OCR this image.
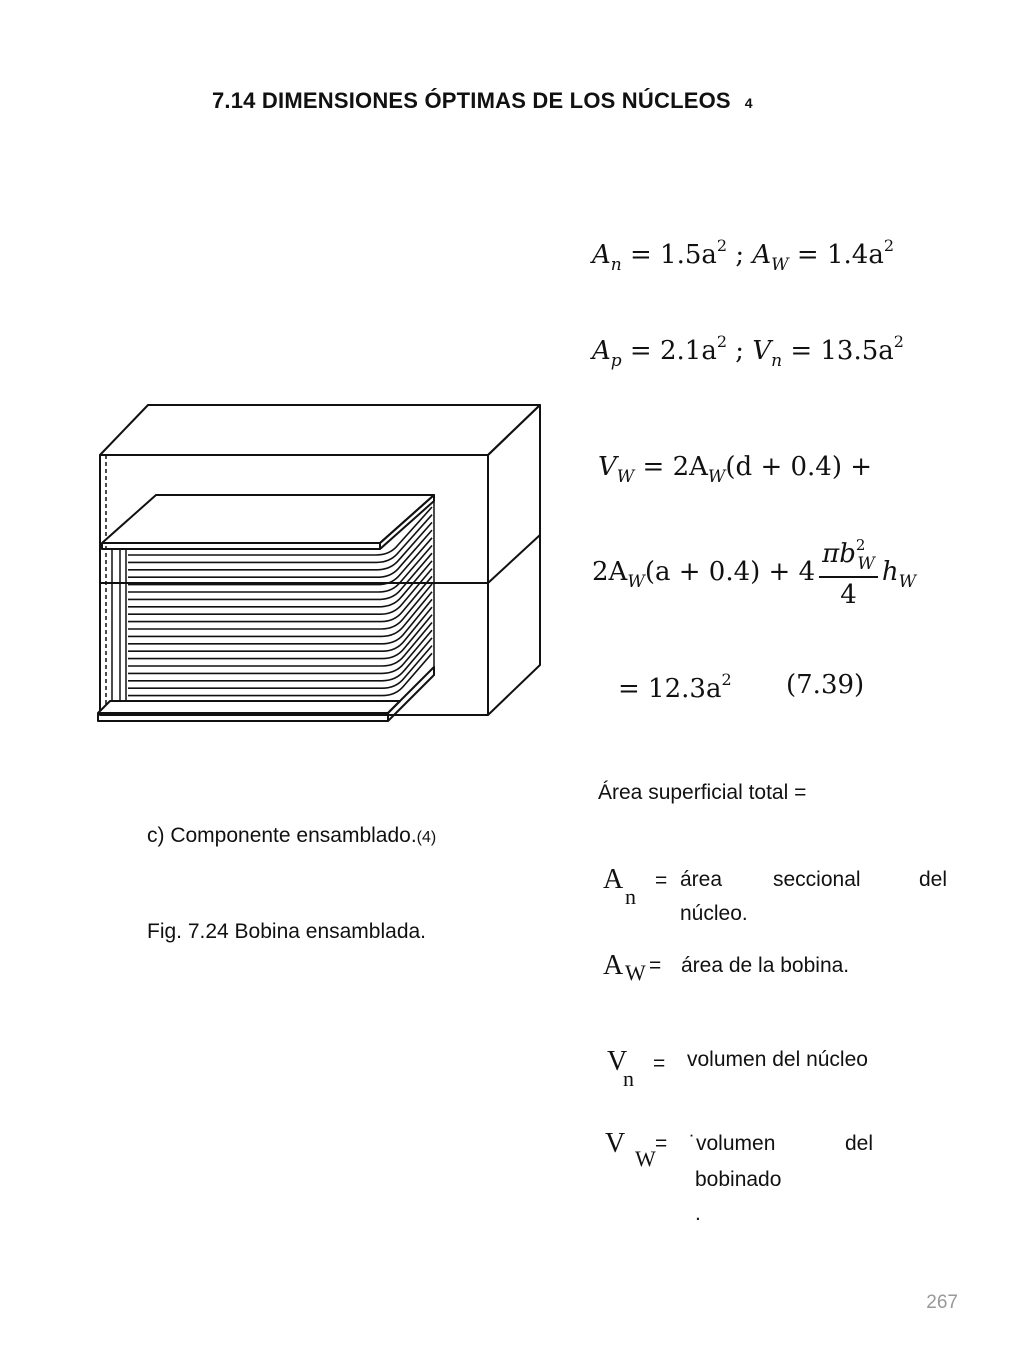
7.14 DIMENSIONES ÓPTIMAS DE LOS NÚCLEOS 4
$A_n = 1.5a^2$ ; $A_W = 1.4a^2$
$A_p = 2.1a^2$ ; $V_n = 13.5a^2$
$V_W = 2A_W(d + 0.4)$ +
$2A_W(a + 0.4) + 4 \frac{\pi b^2_W}{4} h_W$
= $12.3a^2$ (7.39)
Área superficial total =
A
n
= área seccional	del
núcleo.
A W = área de la bobina.
V
n
= volumen del núcleo
V W
= ˙volumen	del
bobinado
.
c) Componente ensamblado.(4)
Fig. 7.24 Bobina ensamblada.
267
